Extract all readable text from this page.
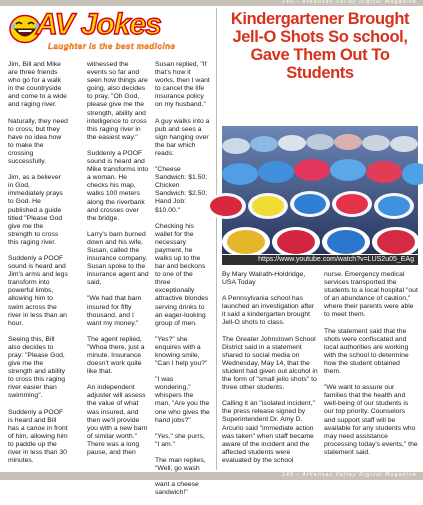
140 - Arkansas Valley Digital Magazine
AV Jokes
Laughter is the best medicine

Jim, Bill and Mike are three friends who go for a walk in the countryside and come to a wide and raging river.

Naturally, they need to cross, but they have no idea how to make the crossing successfully.

Jim, as a believer in God, immediately prays to God. He published a guide titled "Please God give me the strength to cross this raging river.

Suddenly a POOF sound is heard and Jim's arms and legs transform into powerful limbs, allowing him to swim across the river in less than an hour.

Seeing this, Bill also decides to pray: "Please God, give me the strength and ability to cross this raging river easier than swimming".

Suddenly a POOF is heard and Bill has a canoe in front of him, allowing him to paddle up the river in less than 30 minutes.

witnessed the events so far and seen how things are going, also decides to pray, "Oh God, please give me the strength, ability and intelligence to cross this raging river in the easiest way."

Suddenly a POOF sound is heard and Mike transforms into a woman. He checks his map, walks 100 meters along the riverbank and crosses over the bridge.

Larry's barn burned down and his wife, Susan, called the insurance company. Susan spoke to the insurance agent and said,

"We had that barn insured for fifty thousand, and I want my money."

The agent replied, "Whoa there, just a minute. Insurance doesn't work quite like that.

An independent adjuster will assess the value of what was insured, and then we'll provide you with a new barn of similar worth." There was a long pause, and then

Susan replied, "If that's how it works, then I want to cancel the life insurance policy on my husband."

A guy walks into a pub and sees a sign hanging over the bar which reads:

"Cheese Sandwich: $1.50; Chicken Sandwich: $2.50; Hand Job: $10.00."

Checking his wallet for the necessary payment, he walks up to the bar and beckons to one of the three exceptionally attractive blondes serving drinks to an eager-looking group of men.

"Yes?" she enquires with a knowing smile, "Can I help you?"

"I was wondering," whispers the man, "Are you the one who gives the hand jobs?"

"Yes," she purrs, "I am."

The man replies, "Well, go wash want a cheese sandwich!"

Kindergartener Brought Jell-O Shots So school, Gave Them Out To Students
https://www.youtube.com/watch?v=LUS2u05_EAg

By Mary Walrath-Holdridge, USA Today

A Pennsylvania school has launched an investigation after it said a kindergarten brought Jell-O shots to class.

The Greater Johnstown School District said in a statement shared to social media on Wednesday, May 14, that the student had given out alcohol in the form of "small jello shots" to three other students.

Calling it an "isolated incident," the press release signed by Superintendent Dr. Amy D. Arcurio said "immediate action was taken" when staff became aware of the incident and the affected students were evaluated by the school

nurse. Emergency medical services transported the students to a local hospital "out of an abundance of caution," where their parents were able to meet them.

The statement said that the shots were confiscated and local authorities are working with the school to determine how the student obtained them.

"We want to assure our families that the health and well-being of our students is our top priority. Counselors and support staff will be available for any students who may need assistance processing today's events," the statement said.

140 - Arkansas Valley Digital Magazine
